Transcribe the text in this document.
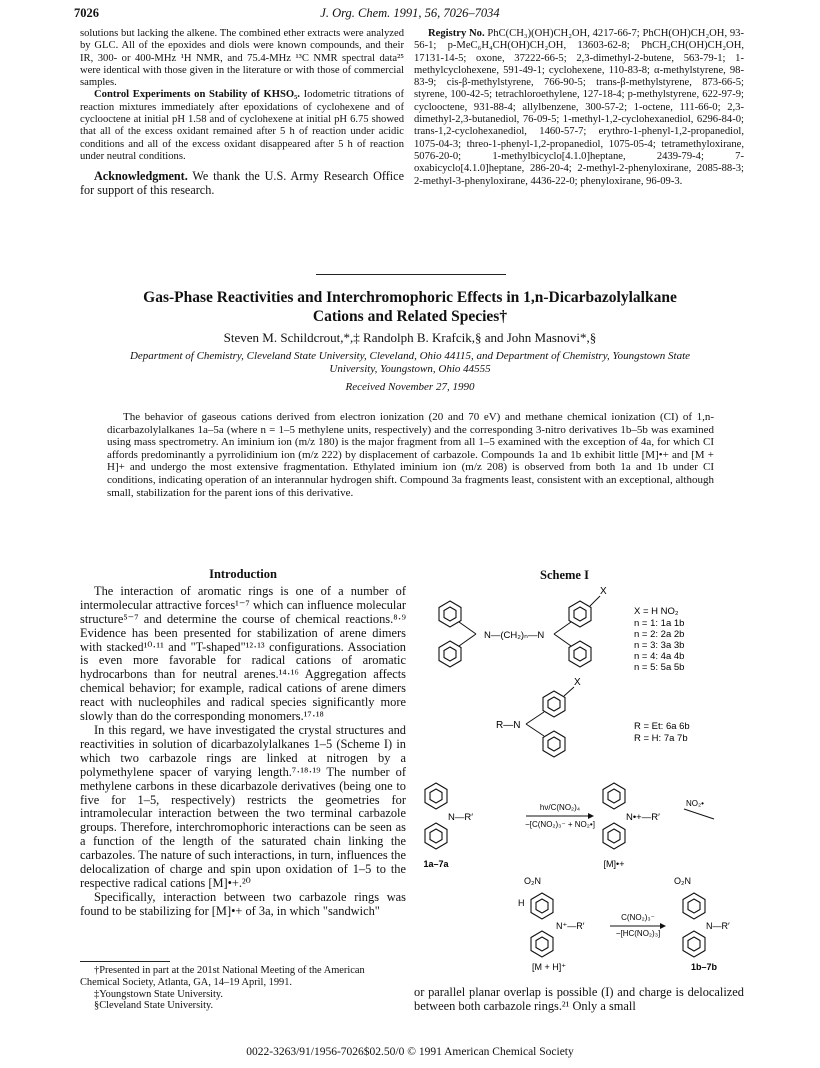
7026	J. Org. Chem. 1991, 56, 7026–7034

solutions but lacking the alkene. The combined ether extracts were analyzed by GLC. All of the epoxides and diols were known compounds, and their IR, 300- or 400-MHz ¹H NMR, and 75.4-MHz ¹³C NMR spectral data²⁵ were identical with those given in the literature or with those of commercial samples.

Control Experiments on Stability of KHSO₅. Iodometric titrations of reaction mixtures immediately after epoxidations of cyclohexene and of cyclooctene at initial pH 1.58 and of cyclohexene at initial pH 6.75 showed that all of the excess oxidant remained after 5 h of reaction under acidic conditions and all of the excess oxidant disappeared after 5 h of reaction under neutral conditions.

Acknowledgment. We thank the U.S. Army Research Office for support of this research.

Registry No. PhC(CH₃)(OH)CH₂OH, 4217-66-7; PhCH(OH)CH₂OH, 93-56-1; p-MeC₆H₄CH(OH)CH₂OH, 13603-62-8; PhCH₂CH(OH)CH₂OH, 17131-14-5; oxone, 37222-66-5; 2,3-dimethyl-2-butene, 563-79-1; 1-methylcyclohexene, 591-49-1; cyclohexene, 110-83-8; α-methylstyrene, 98-83-9; cis-β-methylstyrene, 766-90-5; trans-β-methylstyrene, 873-66-5; styrene, 100-42-5; tetrachloroethylene, 127-18-4; p-methylstyrene, 622-97-9; cyclooctene, 931-88-4; allylbenzene, 300-57-2; 1-octene, 111-66-0; 2,3-dimethyl-2,3-butanediol, 76-09-5; 1-methyl-1,2-cyclohexanediol, 6296-84-0; trans-1,2-cyclohexanediol, 1460-57-7; erythro-1-phenyl-1,2-propanediol, 1075-04-3; threo-1-phenyl-1,2-propanediol, 1075-05-4; tetramethyloxirane, 5076-20-0; 1-methylbicyclo[4.1.0]heptane, 2439-79-4; 7-oxabicyclo[4.1.0]heptane, 286-20-4; 2-methyl-2-phenyloxirane, 2085-88-3; 2-methyl-3-phenyloxirane, 4436-22-0; phenyloxirane, 96-09-3.

Gas-Phase Reactivities and Interchromophoric Effects in 1,n-Dicarbazolylalkane Cations and Related Species†
Steven M. Schildcrout,*,‡ Randolph B. Krafcik,§ and John Masnovi*,§
Department of Chemistry, Cleveland State University, Cleveland, Ohio 44115, and Department of Chemistry, Youngstown State University, Youngstown, Ohio 44555
Received November 27, 1990
The behavior of gaseous cations derived from electron ionization (20 and 70 eV) and methane chemical ionization (CI) of 1,n-dicarbazolylalkanes 1a–5a (where n = 1–5 methylene units, respectively) and the corresponding 3-nitro derivatives 1b–5b was examined using mass spectrometry. An iminium ion (m/z 180) is the major fragment from all 1–5 examined with the exception of 4a, for which CI affords predominantly a pyrrolidinium ion (m/z 222) by displacement of carbazole. Compounds 1a and 1b exhibit little [M]•+ and [M + H]+ and undergo the most extensive fragmentation. Ethylated iminium ion (m/z 208) is observed from both 1a and 1b under CI conditions, indicating operation of an interannular hydrogen shift. Compound 3a fragments least, consistent with an exceptional, although small, stabilization for the parent ions of this derivative.
Introduction

The interaction of aromatic rings is one of a number of intermolecular attractive forces¹⁻⁷ which can influence molecular structure⁵⁻⁷ and determine the course of chemical reactions.⁸·⁹ Evidence has been presented for stabilization of arene dimers with stacked¹⁰·¹¹ and "T-shaped"¹²·¹³ configurations. Association is even more favorable for radical cations of aromatic hydrocarbons than for neutral arenes.¹⁴·¹⁶ Aggregation affects chemical behavior; for example, radical cations of arene dimers react with nucleophiles and radical species significantly more slowly than do the corresponding monomers.¹⁷·¹⁸

In this regard, we have investigated the crystal structures and reactivities in solution of dicarbazolylalkanes 1–5 (Scheme I) in which two carbazole rings are linked at nitrogen by a polymethylene spacer of varying length.⁷·¹⁸·¹⁹ The number of methylene carbons in these dicarbazole derivatives (being one to five for 1–5, respectively) restricts the geometries for intramolecular interaction between the two terminal carbazole groups. Therefore, interchromophoric interactions can be seen as a function of the length of the saturated chain linking the carbazoles. The nature of such interactions, in turn, influences the delocalization of charge and spin upon oxidation of 1–5 to the respective radical cations [M]•+.²⁰

Specifically, interaction between two carbazole rings was found to be stabilizing for [M]•+ of 3a, in which "sandwich"

†Presented in part at the 201st National Meeting of the American Chemical Society, Atlanta, GA, 14–19 April, 1991.

‡Youngstown State University.

§Cleveland State University.

Scheme I
N—(CH₂)ₙ—N
X
X = H NO₂
n = 1: 1a 1b
n = 2: 2a 2b
n = 3: 3a 3b
n = 4: 4a 4b
n = 5: 5a 5b
X
R—N	R = Et: 6a 6b
R = H: 7a 7b
N—R′
hν/C(NO₂)₄
−[C(NO₂)₃⁻ + NO₂•]
N•+—R′
NO₂•
1a–7a	[M]•+
O₂N
H
N⁺—R′
C(NO₂)₃⁻
−[HC(NO₂)₃]
O₂N
N—R′
[M + H]⁺	1b–7b
or parallel planar overlap is possible (I) and charge is delocalized between both carbazole rings.²¹ Only a small
0022-3263/91/1956-7026$02.50/0 © 1991 American Chemical Society
